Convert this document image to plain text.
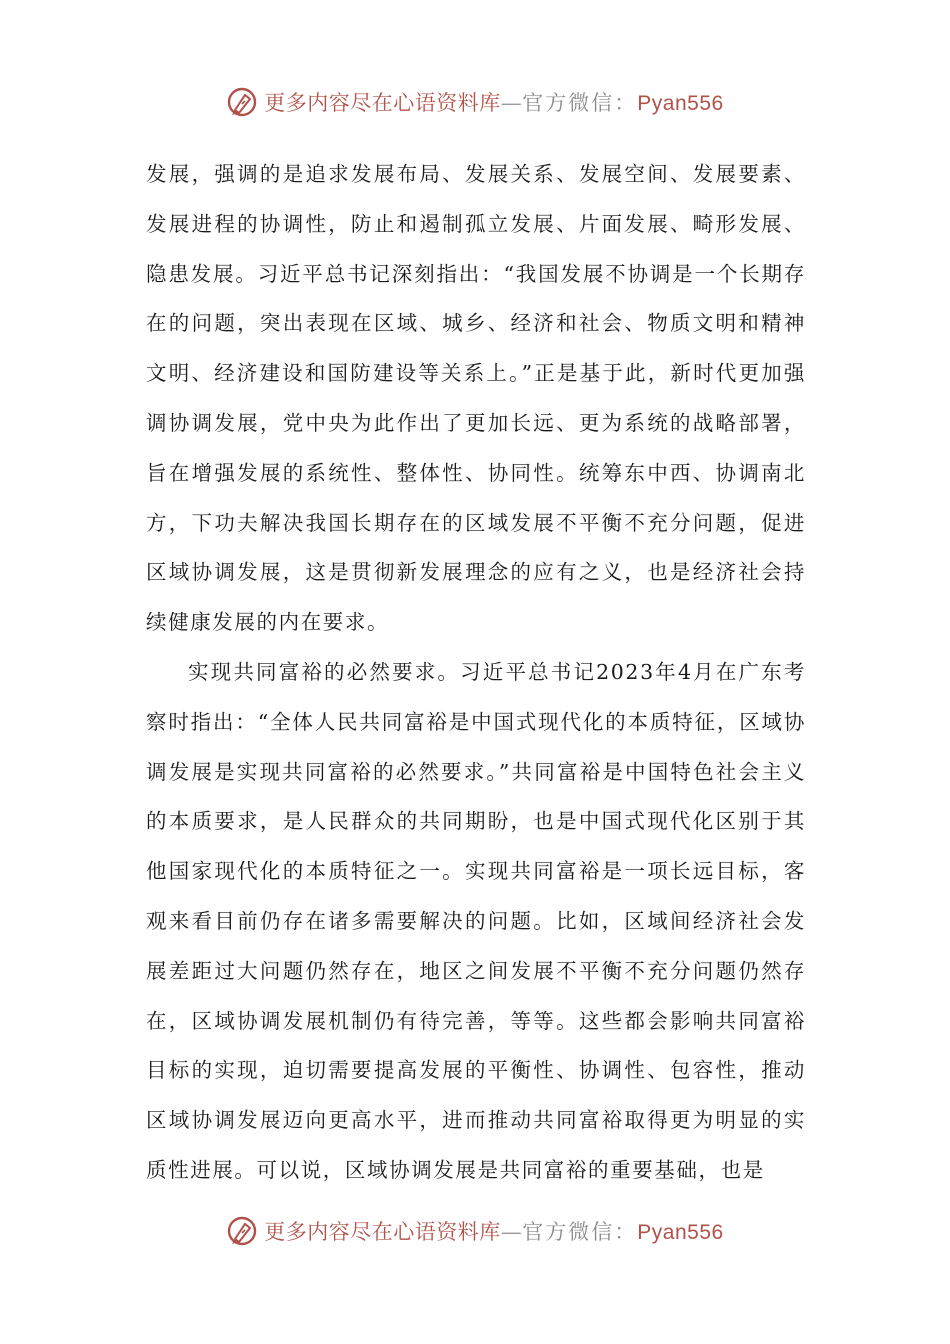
更多内容尽在心语资料库—官方微信：Pyan556

发展，强调的是追求发展布局、发展关系、发展空间、发展要素、发展进程的协调性，防止和遏制孤立发展、片面发展、畸形发展、隐患发展。习近平总书记深刻指出：“我国发展不协调是一个长期存在的问题，突出表现在区域、城乡、经济和社会、物质文明和精神文明、经济建设和国防建设等关系上。”正是基于此，新时代更加强调协调发展，党中央为此作出了更加长远、更为系统的战略部署，旨在增强发展的系统性、整体性、协同性。统筹东中西、协调南北方，下功夫解决我国长期存在的区域发展不平衡不充分问题，促进区域协调发展，这是贯彻新发展理念的应有之义，也是经济社会持续健康发展的内在要求。

实现共同富裕的必然要求。习近平总书记2023年4月在广东考察时指出：“全体人民共同富裕是中国式现代化的本质特征，区域协调发展是实现共同富裕的必然要求。”共同富裕是中国特色社会主义的本质要求，是人民群众的共同期盼，也是中国式现代化区别于其他国家现代化的本质特征之一。实现共同富裕是一项长远目标，客观来看目前仍存在诸多需要解决的问题。比如，区域间经济社会发展差距过大问题仍然存在，地区之间发展不平衡不充分问题仍然存在，区域协调发展机制仍有待完善，等等。这些都会影响共同富裕目标的实现，迫切需要提高发展的平衡性、协调性、包容性，推动区域协调发展迈向更高水平，进而推动共同富裕取得更为明显的实质性进展。可以说，区域协调发展是共同富裕的重要基础，也是

更多内容尽在心语资料库—官方微信：Pyan556
